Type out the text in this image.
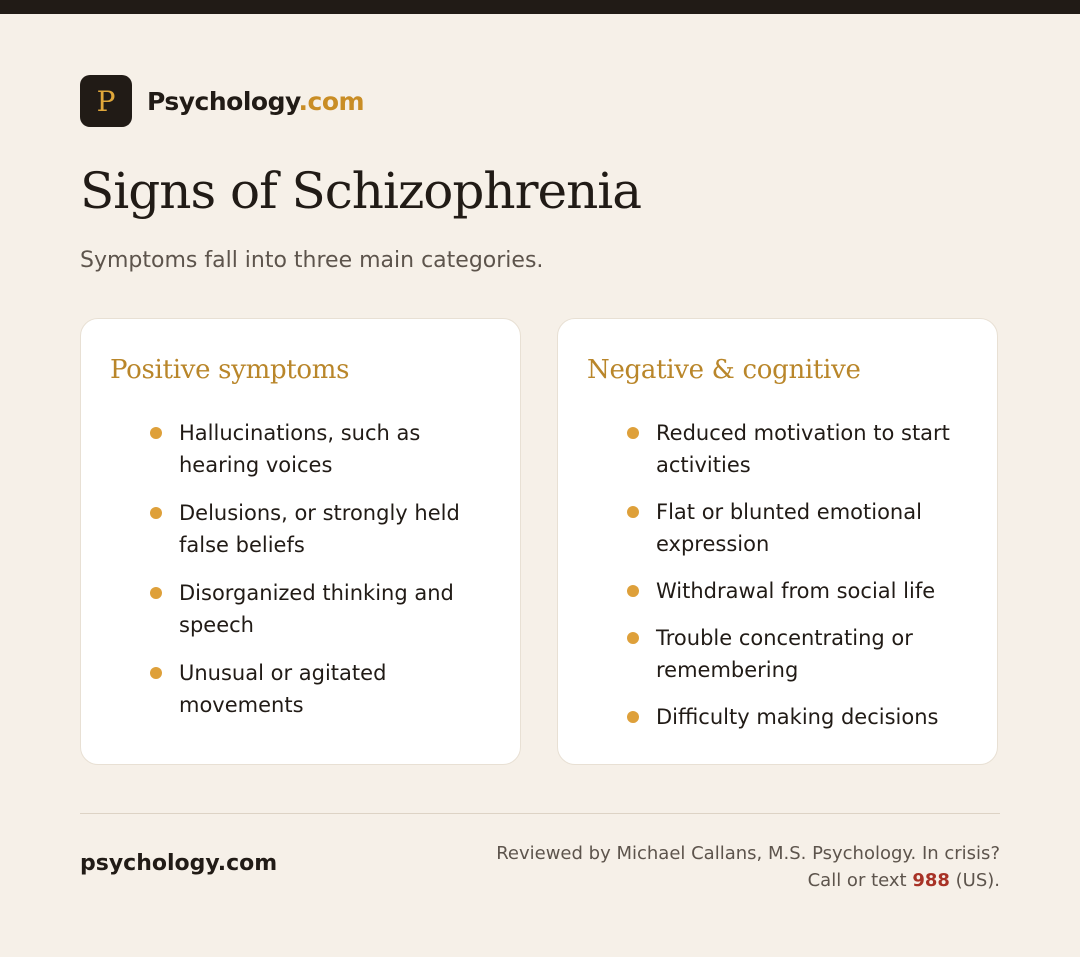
P Psychology.com
Signs of Schizophrenia
Symptoms fall into three main categories.
Positive symptoms
Hallucinations, such as hearing voices
Delusions, or strongly held false beliefs
Disorganized thinking and speech
Unusual or agitated movements
Negative & cognitive
Reduced motivation to start activities
Flat or blunted emotional expression
Withdrawal from social life
Trouble concentrating or remembering
Difficulty making decisions
psychology.com	Reviewed by Michael Callans, M.S. Psychology. In crisis?
Call or text 988 (US).
